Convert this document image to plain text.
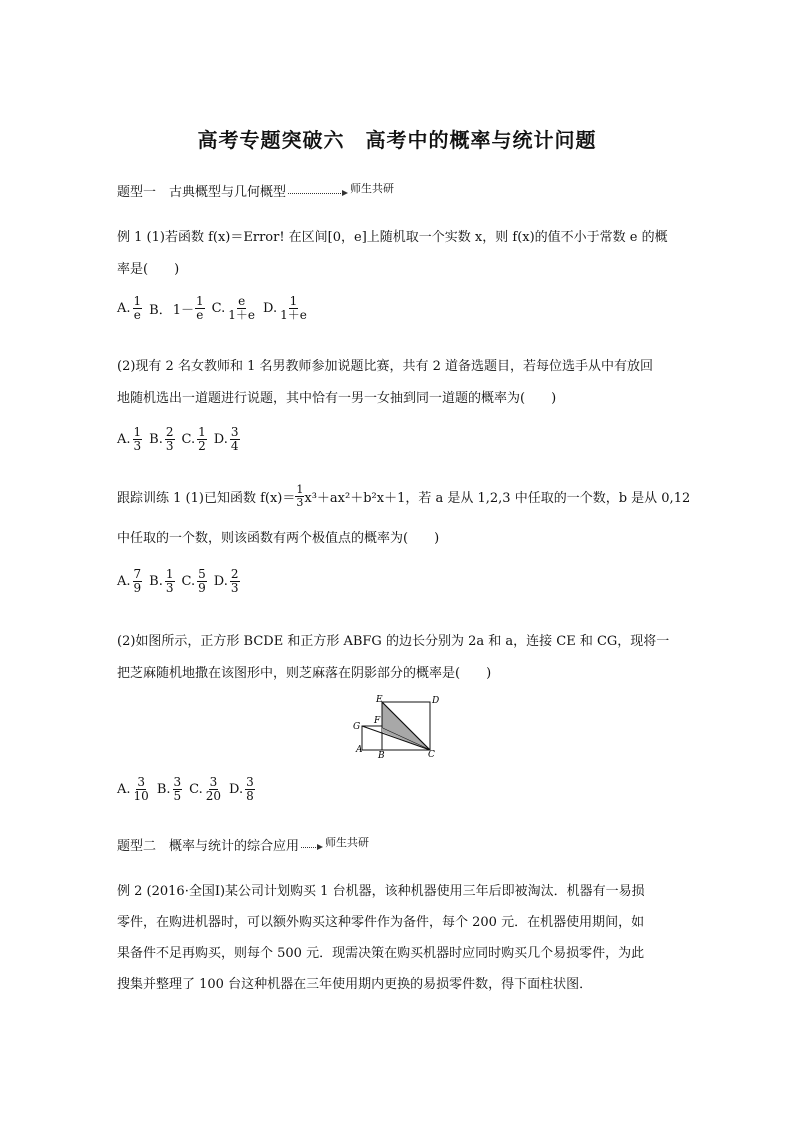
高考专题突破六　高考中的概率与统计问题
题型一　古典概型与几何概型	$^{师生共研}$
例 1 (1)若函数 f(x)＝Error! 在区间[0，e]上随机取一个实数 x，则 f(x)的值不小于常数 e 的概
率是(　　)
A. $\frac{1}{e}$ B． $1- \frac{1}{e} C$. $\frac{e}{1+e} D$. $\frac{1}{1+e}$
(2)现有 2 名女教师和 1 名男教师参加说题比赛，共有 2 道备选题目，若每位选手从中有放回
地随机选出一道题进行说题，其中恰有一男一女抽到同一道题的概率为(　　)
A. $\frac{1}{3} B$. $\frac{2}{3} C$. $\frac{1}{2} D$. $\frac{3}{4}$
跟踪训练 1 (1)已知函数 $f(x)= \frac{1}{3} x^3+ax^2+b^2x+1$，若 a 是从 1,2,3 中任取的一个数，b 是从 0,12
中任取的一个数，则该函数有两个极值点的概率为(　　)
A. $\frac{7}{9} B$. $\frac{1}{3} C$. $\frac{5}{9} D$. $\frac{2}{3}$
(2)如图所示，正方形 BCDE 和正方形 ABFG 的边长分别为 2a 和 a，连接 CE 和 CG，现将一
把芝麻随机地撒在该图形中，则芝麻落在阴影部分的概率是(　　)
E	D
F
G
A
B	C
A. $\frac{3}{10} B$. $\frac{3}{5} C$. $\frac{3}{20} D$. $\frac{3}{8}$
题型二　概率与统计的综合应用 $^{师生共研}$
例 2 (2016·全国Ⅰ)某公司计划购买 1 台机器，该种机器使用三年后即被淘汰．机器有一易损
零件，在购进机器时，可以额外购买这种零件作为备件，每个 200 元．在机器使用期间，如
果备件不足再购买，则每个 500 元．现需决策在购买机器时应同时购买几个易损零件，为此
搜集并整理了 100 台这种机器在三年使用期内更换的易损零件数，得下面柱状图．
